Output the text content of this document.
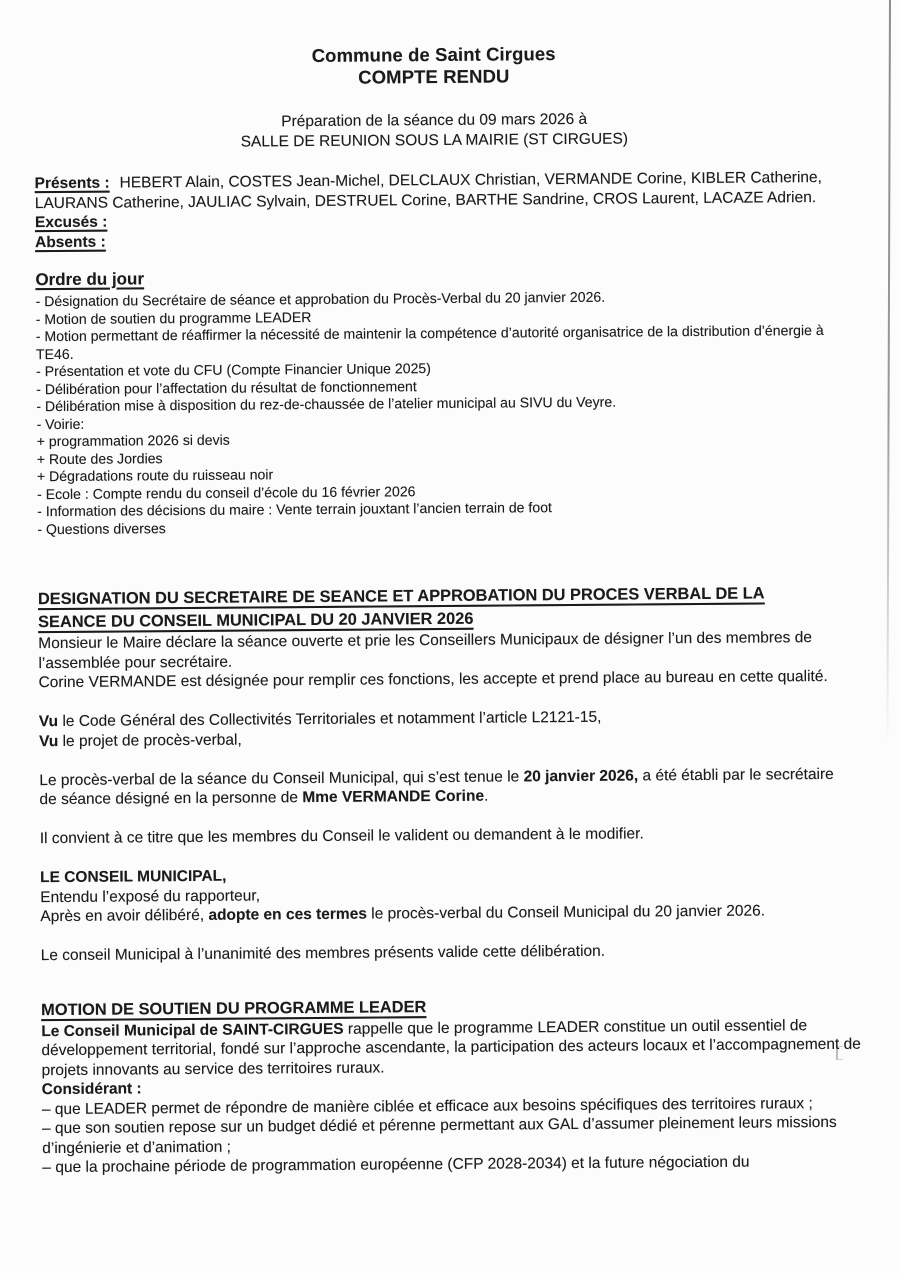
Commune de Saint Cirgues
COMPTE RENDU
Préparation de la séance du 09 mars 2026 à
SALLE DE REUNION SOUS LA MAIRIE (ST CIRGUES)

Présents : HEBERT Alain, COSTES Jean-Michel, DELCLAUX Christian, VERMANDE Corine, KIBLER Catherine, LAURANS Catherine, JAULIAC Sylvain, DESTRUEL Corine, BARTHE Sandrine, CROS Laurent, LACAZE Adrien.

Excusés :

Absents :

Ordre du jour
- Désignation du Secrétaire de séance et approbation du Procès-Verbal du 20 janvier 2026.
- Motion de soutien du programme LEADER
- Motion permettant de réaffirmer la nécessité de maintenir la compétence d’autorité organisatrice de la distribution d’énergie à TE46.
- Présentation et vote du CFU (Compte Financier Unique 2025)
- Délibération pour l’affectation du résultat de fonctionnement
- Délibération mise à disposition du rez-de-chaussée de l’atelier municipal au SIVU du Veyre.
- Voirie:
+ programmation 2026 si devis
+ Route des Jordies
+ Dégradations route du ruisseau noir
- Ecole : Compte rendu du conseil d’école du 16 février 2026
- Information des décisions du maire : Vente terrain jouxtant l’ancien terrain de foot
- Questions diverses
DESIGNATION DU SECRETAIRE DE SEANCE ET APPROBATION DU PROCES VERBAL DE LA SEANCE DU CONSEIL MUNICIPAL DU 20 JANVIER 2026

Monsieur le Maire déclare la séance ouverte et prie les Conseillers Municipaux de désigner l’un des membres de l’assemblée pour secrétaire.

Corine VERMANDE est désignée pour remplir ces fonctions, les accepte et prend place au bureau en cette qualité.

Vu le Code Général des Collectivités Territoriales et notamment l’article L2121-15,

Vu le projet de procès-verbal,

Le procès-verbal de la séance du Conseil Municipal, qui s’est tenue le 20 janvier 2026, a été établi par le secrétaire de séance désigné en la personne de Mme VERMANDE Corine.

Il convient à ce titre que les membres du Conseil le valident ou demandent à le modifier.

LE CONSEIL MUNICIPAL,

Entendu l’exposé du rapporteur,

Après en avoir délibéré, adopte en ces termes le procès-verbal du Conseil Municipal du 20 janvier 2026.

Le conseil Municipal à l’unanimité des membres présents valide cette délibération.

MOTION DE SOUTIEN DU PROGRAMME LEADER

Le Conseil Municipal de SAINT-CIRGUES rappelle que le programme LEADER constitue un outil essentiel de développement territorial, fondé sur l’approche ascendante, la participation des acteurs locaux et l’accompagnement de projets innovants au service des territoires ruraux.

Considérant :

– que LEADER permet de répondre de manière ciblée et efficace aux besoins spécifiques des territoires ruraux ;

– que son soutien repose sur un budget dédié et pérenne permettant aux GAL d’assumer pleinement leurs missions d’ingénierie et d’animation ;

– que la prochaine période de programmation européenne (CFP 2028-2034) et la future négociation du
